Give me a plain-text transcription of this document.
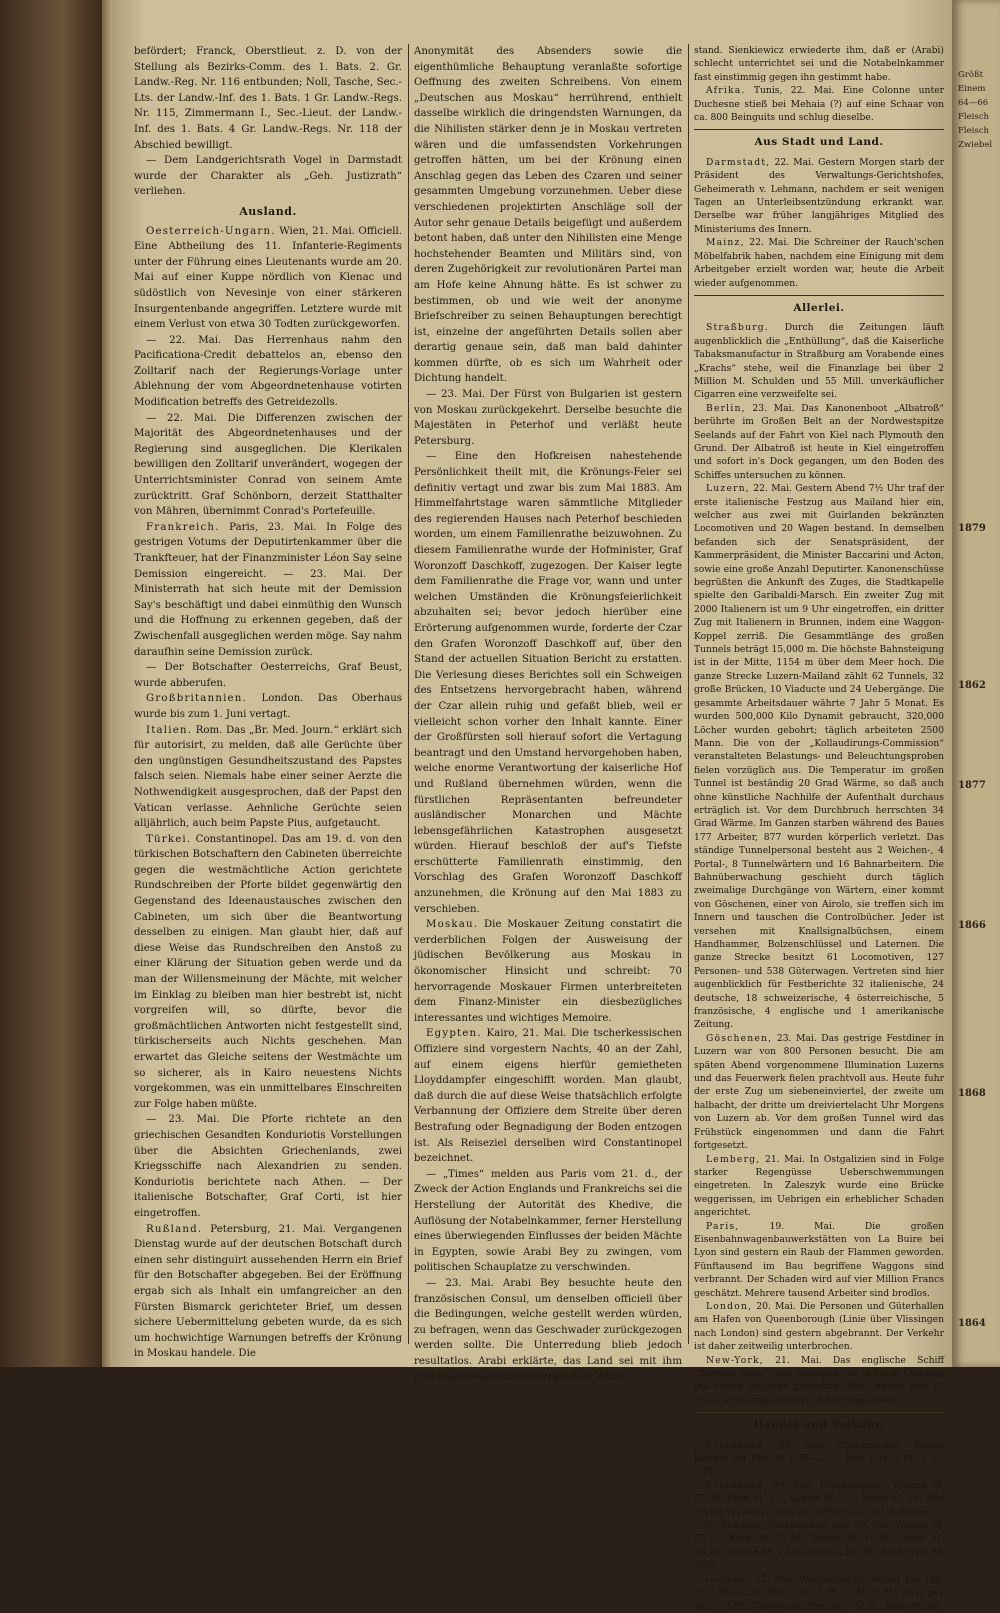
befördert; Franck, Oberstlieut. z. D. von der Stellung als Bezirks-Comm. des 1. Bats. 2. Gr. Landw.-Reg. Nr. 116 entbunden; Noll, Tasche, Sec.-Lts. der Landw.-Inf. des 1. Bats. 1 Gr. Landw.-Regs. Nr. 115, Zimmermann I., Sec.-Lieut. der Landw.-Inf. des 1. Bats. 4 Gr. Landw.-Regs. Nr. 118 der Abschied bewilligt.

— Dem Landgerichtsrath Vogel in Darmstadt wurde der Charakter als „Geh. Justizrath“ verliehen.

Ausland.

Oesterreich-Ungarn. Wien, 21. Mai. Officiell. Eine Abtheilung des 11. Infanterie-Regiments unter der Führung eines Lieutenants wurde am 20. Mai auf einer Kuppe nördlich von Klenac und südöstlich von Nevesinje von einer stärkeren Insurgentenbande angegriffen. Letztere wurde mit einem Verlust von etwa 30 Todten zurückgeworfen.

— 22. Mai. Das Herrenhaus nahm den Pacificationa-Credit debattelos an, ebenso den Zolltarif nach der Regierungs-Vorlage unter Ablehnung der vom Abgeordnetenhause votirten Modification betreffs des Getreidezolls.

— 22. Mai. Die Differenzen zwischen der Majorität des Abgeordnetenhauses und der Regierung sind ausgeglichen. Die Klerikalen bewilligen den Zolltarif unverändert, wogegen der Unterrichtsminister Conrad von seinem Amte zurücktritt. Graf Schönborn, derzeit Statthalter von Mähren, übernimmt Conrad's Portefeuille.

Frankreich. Paris, 23. Mai. In Folge des gestrigen Votums der Deputirtenkammer über die Trankfteuer, hat der Finanzminister Léon Say seine Demission eingereicht. — 23. Mai. Der Ministerrath hat sich heute mit der Demission Say's beschäftigt und dabei einmüthig den Wunsch und die Hoffnung zu erkennen gegeben, daß der Zwischenfall ausgeglichen werden möge. Say nahm daraufhin seine Demission zurück.

— Der Botschafter Oesterreichs, Graf Beust, wurde abberufen.

Großbritannien. London. Das Oberhaus wurde bis zum 1. Juni vertagt.

Italien. Rom. Das „Br. Med. Journ.“ erklärt sich für autorisirt, zu melden, daß alle Gerüchte über den ungünstigen Gesundheitszustand des Papstes falsch seien. Niemals habe einer seiner Aerzte die Nothwendigkeit ausgesprochen, daß der Papst den Vatican verlasse. Aehnliche Gerüchte seien alljährlich, auch beim Papste Pius, aufgetaucht.

Türkei. Constantinopel. Das am 19. d. von den türkischen Botschaftern den Cabineten überreichte gegen die westmächtliche Action gerichtete Rundschreiben der Pforte bildet gegenwärtig den Gegenstand des Ideenaustausches zwischen den Cabineten, um sich über die Beantwortung desselben zu einigen. Man glaubt hier, daß auf diese Weise das Rundschreiben den Anstoß zu einer Klärung der Situation geben werde und da man der Willensmeinung der Mächte, mit welcher im Einklag zu bleiben man hier bestrebt ist, nicht vorgreifen will, so dürfte, bevor die großmächtlichen Antworten nicht festgestellt sind, türkischerseits auch Nichts geschehen. Man erwartet das Gleiche seitens der Westmächte um so sicherer, als in Kairo neuestens Nichts vorgekommen, was ein unmittelbares Einschreiten zur Folge haben müßte.

— 23. Mai. Die Pforte richtete an den griechischen Gesandten Konduriotis Vorstellungen über die Absichten Griechenlands, zwei Kriegsschiffe nach Alexandrien zu senden. Konduriotis berichtete nach Athen. — Der italienische Botschafter, Graf Corti, ist hier eingetroffen.

Rußland. Petersburg, 21. Mai. Vergangenen Dienstag wurde auf der deutschen Botschaft durch einen sehr distinguirt aussehenden Herrn ein Brief für den Botschafter abgegeben. Bei der Eröffnung ergab sich als Inhalt ein umfangreicher an den Fürsten Bismarck gerichteter Brief, um dessen sichere Uebermittelung gebeten wurde, da es sich um hochwichtige Warnungen betreffs der Krönung in Moskau handele. Die

Anonymität des Absenders sowie die eigenthümliche Behauptung veranlaßte sofortige Oeffnung des zweiten Schreibens. Von einem „Deutschen aus Moskau“ herrührend, enthielt dasselbe wirklich die dringendsten Warnungen, da die Nihilisten stärker denn je in Moskau vertreten wären und die umfassendsten Vorkehrungen getroffen hätten, um bei der Krönung einen Anschlag gegen das Leben des Czaren und seiner gesammten Umgebung vorzunehmen. Ueber diese verschiedenen projektirten Anschläge soll der Autor sehr genaue Details beigefügt und außerdem betont haben, daß unter den Nihilisten eine Menge hochstehender Beamten und Militärs sind, von deren Zugehörigkeit zur revolutionären Partei man am Hofe keine Ahnung hätte. Es ist schwer zu bestimmen, ob und wie weit der anonyme Briefschreiber zu seinen Behauptungen berechtigt ist, einzelne der angeführten Details sollen aber derartig genaue sein, daß man bald dahinter kommen dürfte, ob es sich um Wahrheit oder Dichtung handelt.

— 23. Mai. Der Fürst von Bulgarien ist gestern von Moskau zurückgekehrt. Derselbe besuchte die Majestäten in Peterhof und verläßt heute Petersburg.

— Eine den Hofkreisen nahestehende Persönlichkeit theilt mit, die Krönungs-Feier sei definitiv vertagt und zwar bis zum Mai 1883. Am Himmelfahrtstage waren sämmtliche Mitglieder des regierenden Hauses nach Peterhof beschieden worden, um einem Familienrathe beizuwohnen. Zu diesem Familienrathe wurde der Hofminister, Graf Woronzoff Daschkoff, zugezogen. Der Kaiser legte dem Familienrathe die Frage vor, wann und unter welchen Umständen die Krönungsfeierlichkeit abzuhalten sei; bevor jedoch hierüber eine Erörterung aufgenommen wurde, forderte der Czar den Grafen Woronzoff Daschkoff auf, über den Stand der actuellen Situation Bericht zu erstatten. Die Verlesung dieses Berichtes soll ein Schweigen des Entsetzens hervorgebracht haben, während der Czar allein ruhig und gefaßt blieb, weil er vielleicht schon vorher den Inhalt kannte. Einer der Großfürsten soll hierauf sofort die Vertagung beantragt und den Umstand hervorgehoben haben, welche enorme Verantwortung der kaiserliche Hof und Rußland übernehmen würden, wenn die fürstlichen Repräsentanten befreundeter ausländischer Monarchen und Mächte lebensgefährlichen Katastrophen ausgesetzt würden. Hierauf beschloß der auf's Tiefste erschütterte Familienrath einstimmig, den Vorschlag des Grafen Woronzoff Daschkoff anzunehmen, die Krönung auf den Mai 1883 zu verschieben.

Moskau. Die Moskauer Zeitung constatirt die verderblichen Folgen der Ausweisung der jüdischen Bevölkerung aus Moskau in ökonomischer Hinsicht und schreibt: 70 hervorragende Moskauer Firmen unterbreiteten dem Finanz-Minister ein diesbezügliches interessantes und wichtiges Memoire.

Egypten. Kairo, 21. Mai. Die tscherkessischen Offiziere sind vorgestern Nachts, 40 an der Zahl, auf einem eigens hierfür gemietheten Lloyddampfer eingeschifft worden. Man glaubt, daß durch die auf diese Weise thatsächlich erfolgte Verbannung der Offiziere dem Streite über deren Bestrafung oder Begnadigung der Boden entzogen ist. Als Reiseziel derselben wird Constantinopel bezeichnet.

— „Times“ melden aus Paris vom 21. d., der Zweck der Action Englands und Frankreichs sei die Herstellung der Autorität des Khedive, die Auflösung der Notabelnkammer, ferner Herstellung eines überwiegenden Einflusses der beiden Mächte in Egypten, sowie Arabi Bey zu zwingen, vom politischen Schauplatze zu verschwinden.

— 23. Mai. Arabi Bey besuchte heute den französischen Consul, um denselben officiell über die Bedingungen, welche gestellt werden würden, zu befragen, wenn das Geschwader zurückgezogen werden sollte. Die Unterredung blieb jedoch resultatlos. Arabi erklärte, das Land sei mit ihm und begünstige einen energischen Wider-

stand. Sienkiewicz erwiederte ihm, daß er (Arabi) schlecht unterrichtet sei und die Notabelnkammer fast einstimmig gegen ihn gestimmt habe.

Afrika. Tunis, 22. Mai. Eine Colonne unter Duchesne stieß bei Mehaia (?) auf eine Schaar von ca. 800 Beinguits und schlug dieselbe.

Aus Stadt und Land.

Darmstadt, 22. Mai. Gestern Morgen starb der Präsident des Verwaltungs-Gerichtshofes, Geheimerath v. Lehmann, nachdem er seit wenigen Tagen an Unterleibsentzündung erkrankt war. Derselbe war früher langjähriges Mitglied des Ministeriums des Innern.

Mainz, 22. Mai. Die Schreiner der Rauch'schen Möbelfabrik haben, nachdem eine Einigung mit dem Arbeitgeber erzielt worden war, heute die Arbeit wieder aufgenommen.

Allerlei.

Straßburg. Durch die Zeitungen läuft augenblicklich die „Enthüllung“, daß die Kaiserliche Tabaksmanufactur in Straßburg am Vorabende eines „Krachs“ stehe, weil die Finanzlage bei über 2 Million M. Schulden und 55 Mill. unverkäuflicher Cigarren eine verzweifelte sei.

Berlin, 23. Mai. Das Kanonenboot „Albatroß“ berührte im Großen Belt an der Nordwestspitze Seelands auf der Fahrt von Kiel nach Plymouth den Grund. Der Albatroß ist heute in Kiel eingetroffen und sofort in's Dock gegangen, um den Boden des Schiffes untersuchen zu können.

Luzern, 22. Mai. Gestern Abend 7½ Uhr traf der erste italienische Festzug aus Mailand hier ein, welcher aus zwei mit Guirlanden bekränzten Locomotiven und 20 Wagen bestand. In demselben befanden sich der Senatspräsident, der Kammerpräsident, die Minister Baccarini und Acton, sowie eine große Anzahl Deputirter. Kanonenschüsse begrüßten die Ankunft des Zuges, die Stadtkapelle spielte den Garibaldi-Marsch. Ein zweiter Zug mit 2000 Italienern ist um 9 Uhr eingetroffen, ein dritter Zug mit Italienern in Brunnen, indem eine Waggon-Koppel zerriß. Die Gesammtlänge des großen Tunnels beträgt 15,000 m. Die höchste Bahnsteigung ist in der Mitte, 1154 m über dem Meer hoch. Die ganze Strecke Luzern-Mailand zählt 62 Tunnels, 32 große Brücken, 10 Viaducte und 24 Uebergänge. Die gesammte Arbeitsdauer währte 7 Jahr 5 Monat. Es wurden 500,000 Kilo Dynamit gebraucht, 320,000 Löcher wurden gebohrt; täglich arbeiteten 2500 Mann. Die von der „Kollaudirungs-Commission“ veranstalteten Belastungs- und Beleuchtungsproben fielen vorzüglich aus. Die Temperatur im großen Tunnel ist beständig 20 Grad Wärme, so daß auch ohne künstliche Nachhilfe der Aufenthalt durchaus erträglich ist. Vor dem Durchbruch herrschten 34 Grad Wärme. Im Ganzen starben während des Baues 177 Arbeiter, 877 wurden körperlich verletzt. Das ständige Tunnelpersonal besteht aus 2 Weichen-, 4 Portal-, 8 Tunnelwärtern und 16 Bahnarbeitern. Die Bahnüberwachung geschieht durch täglich zweimalige Durchgänge von Wärtern, einer kommt von Göschenen, einer von Airolo, sie treffen sich im Innern und tauschen die Controlbücher. Jeder ist versehen mit Knallsignalbüchsen, einem Handhammer, Bolzenschlüssel und Laternen. Die ganze Strecke besitzt 61 Locomotiven, 127 Personen- und 538 Güterwagen. Vertreten sind hier augenblicklich für Festberichte 32 italienische, 24 deutsche, 18 schweizerische, 4 österreichische, 5 französische, 4 englische und 1 amerikanische Zeitung.

Göschenen, 23. Mai. Das gestrige Festdiner in Luzern war von 800 Personen besucht. Die am späten Abend vorgenommene Illumination Luzerns und das Feuerwerk fielen prachtvoll aus. Heute fuhr der erste Zug um siebeneinviertel, der zweite um halbacht, der dritte um dreiviertelacht Uhr Morgens von Luzern ab. Vor dem großen Tunnel wird das Frühstück eingenommen und dann die Fahrt fortgesetzt.

Lemberg, 21. Mai. In Ostgalizien sind in Folge starker Regengüsse Ueberschwemmungen eingetreten. In Zaleszyk wurde eine Brücke weggerissen, im Uebrigen ein erheblicher Schaden angerichtet.

Paris,	19. Mai. Die großen Eisenbahnwagenbauwerkstätten von La Buire bei Lyon sind gestern ein Raub der Flammen geworden. Fünftausend im Bau begriffene Waggons sind verbrannt. Der Schaden wird auf vier Million Francs geschätzt. Mehrere tausend Arbeiter sind brodlos.

London, 20. Mai. Die Personen und Güterhallen am Hafen von Queenborough (Linie über Vlissingen nach London) sind gestern abgebrannt. Der Verkehr ist daher zeitweilig unterbrochen.

New-York, 21. Mai. Das englische Schiff „Western Belle“, von Greenock, ist in Folge Collision mit einem Eisberge gesunken. Der Capitän und 13 Mann sind umgekommen, 6 Mann gerettet.

Handel und Verkehr.

Friedberg, 24. Mai. Wochenmarkt. Butter kostete per Pfd. M. 1.05—1.20, Eier 1 St. 5 Pf., 2 St. 9 Pf.

Friedberg, 24. Mai. Fruchtbericht. Waizen M. 25.50, Korn M. 19., Gerste M. 18., Hafer M. 16. Alle Preise verstehen sich auf 100 Kilo = 200 Zollpfund.

Grünberg. Fruchtpreise vom 20. Mai. Waizen M. 25.12, Korn M. 19.20, Gerste M. 16.60, Hafer M. 16.16, Erbsen M. 23.00, Samen M. 26., Kartoffeln M. 2.80.

Gießen, 23. Mai. Wochenmarkt. Butter per Pfd. M. 1.00—1.10, Eier 1 St. 5 Pf., 2 St. 9 Pf., Käse per St. 5—9 Pf., Tauben das Paar 60—70 Pf., Hühner per

Größt
Einem
64—66
Fleisch
Fleisch
Zwiebel
1879
1862
1877
1866
1868
1864
